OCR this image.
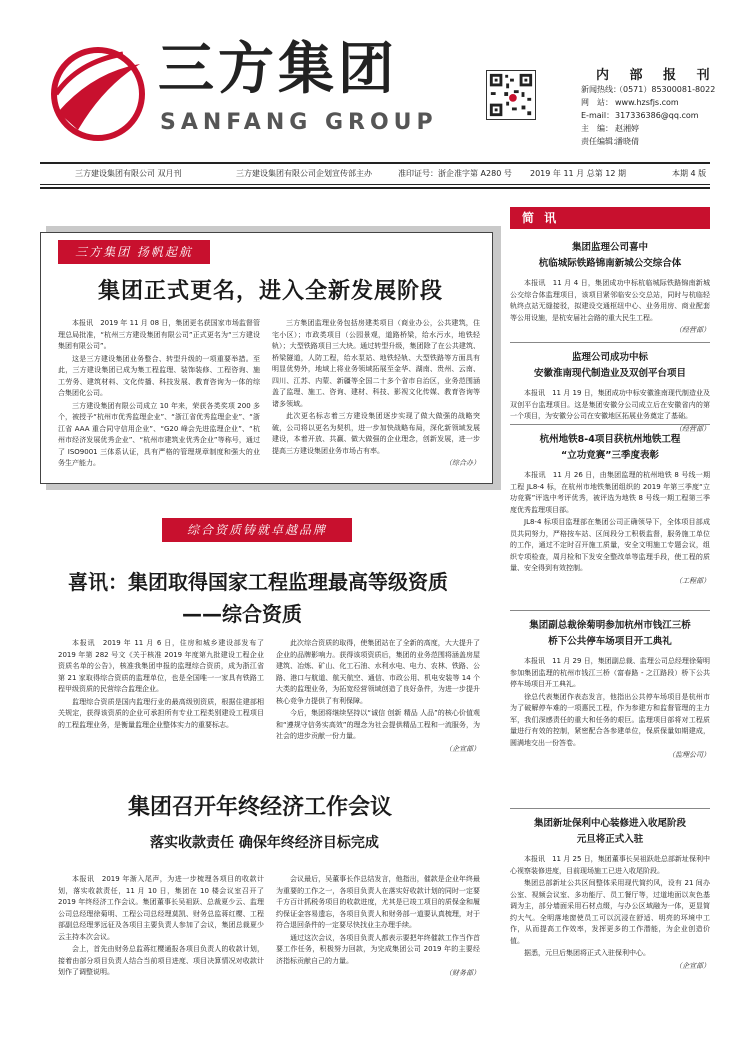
三方集团
SANFANG GROUP
内 部 报 刊
新闻热线：（0571）85300081-8022
网　站： www.hzsfjs.com
E-mail：317336386@qq.com
主　编： 赵湘婷
责任编辑：潘晓倩
三方建设集团有限公司 双月刊	三方建设集团有限公司企划宣传部主办	准印证号：浙企准字第 A280 号 2019 年 11 月 总第 12 期	本期 4 版
三方集团 扬帆起航
集团正式更名，进入全新发展阶段

本报讯　2019 年 11 月 08 日，集团更名获国家市场监督管理总局批准，“杭州三方建设集团有限公司”正式更名为“三方建设集团有限公司”。

这是三方建设集团业务整合、转型升级的一项重要举措。至此，三方建设集团已成为集工程监理、装饰装修、工程咨询、施工劳务、建筑材料、文化传播、科技发展、教育咨询为一体的综合集团化公司。

三方建设集团有限公司成立 10 年来，荣获各类奖项 200 多个，被授予“杭州市优秀监理企业”、“浙江省优秀监理企业”、“浙江省 AAA 重合同守信用企业”、“G20 峰会先进监理企业”、“杭州市经济发展优秀企业”、“杭州市建筑业优秀企业”等称号，通过了 ISO9001 三体系认证，具有严格的管理规章制度和强大的业务生产能力。

三方集团监理业务包括房建类项目（商业办公，公共建筑，住宅小区）；市政类项目（公园景观，道路桥梁，给水污水，地铁轻轨）；大型铁路项目三大块。通过转型升级，集团除了在公共建筑、桥梁隧道，人防工程，给水泵站、地铁轻轨、大型铁路等方面具有明显优势外，地域上将业务领域拓展至金华、湖南、贵州、云南、四川、江苏、内蒙、新疆等全国二十多个省市自治区，业务范围涵盖了监理、施工、咨询、建材、科技、影视文化传媒、教育咨询等诸多领域。

此次更名标志着三方建设集团逐步实现了做大做强的战略突破，公司将以更名为契机，进一步加快战略布局，深化新领域发展建设，本着开放、共赢、做大做强的企业理念，创新发展，进一步提高三方建设集团业务市场占有率。

（综合办）

综合资质铸就卓越品牌
喜讯：集团取得国家工程监理最高等级资质
——综合资质

本报讯　2019 年 11 月 6 日，住房和城乡建设部发布了 2019 年第 282 号文《关于核准 2019 年度第九批建设工程企业资质名单的公告》，核准我集团申报的监理综合资质，成为浙江省第 21 家取得综合资质的监理单位，也是全国唯一一家具有铁路工程甲级资质的民营综合监理企业。

监理综合资质是国内监理行业的最高级别资质，根据住建部相关规定，获得该资质的企业可承担所有专业工程类别建设工程项目的工程监理业务，是衡量监理企业整体实力的重要标志。

此次综合资质的取得，使集团站在了全新的高度，大大提升了企业的品牌影响力。获得该项资质后，集团的业务范围将涵盖房屋建筑、冶炼、矿山、化工石油、水利水电、电力、农林、铁路、公路、港口与航道、航天航空、通信、市政公用、机电安装等 14 个大类的监理业务，为拓宽经营领域创造了良好条件，为进一步提升核心竞争力提供了有利保障。

今后，集团将继续坚持以“诚信 创新 精品 人品”的核心价值观和“遵规守信务实高效”的理念为社会提供精品工程和一流服务，为社会的进步贡献一份力量。

（企宣部）

集团召开年终经济工作会议
落实收款责任 确保年终经济目标完成

本报讯　2019 年渐入尾声，为进一步梳理各项目的收款计划，落实收款责任，11 月 10 日，集团在 10 楼会议室召开了 2019 年终经济工作会议。集团董事长吴祖跃、总裁夏少云、监理公司总经理徐菊明、工程公司总经理莫凯、财务总监蒋红樱、工程部副总经理茅远征及各项目主要负责人参加了会议，集团总裁夏少云主持本次会议。

会上，首先由财务总监蒋红樱通报各项目负责人的收款计划，接着由部分项目负责人结合当前项目进度、项目决算情况对收款计划作了调整说明。

会议最后，吴董事长作总结发言，他指出，催款是企业年终最为重要的工作之一，各项目负责人在落实好收款计划的同时一定要千方百计抓税务项目的收款进度，尤其是已竣工项目的质保金和履约保证金容易遗忘，各项目负责人和财务部一道要认真梳理，对于符合退回条件的一定要尽快找业主办理手续。

通过这次会议，各项目负责人都表示要把年终催款工作当作首要工作任务，积极努力回款，为完成集团公司 2019 年的主要经济指标贡献自己的力量。

（财务部）

简 讯
集团监理公司喜中
杭临城际铁路锦南新城公交综合体

本报讯　11 月 4 日，集团成功中标杭临城际铁路锦南新城公交综合体监理项目，该项目紧邻临安公交总站，同时与杭临轻轨终点站无缝接驳，拟建设交通枢纽中心、业务用房、商业配套等公用设施，是杭安届社会路的重大民生工程。

（经营部）

监理公司成功中标
安徽淮南现代制造业及双创平台项目

本报讯　11 月 19 日，集团成功中标安徽淮南现代制造业及双创平台监理项目。这是集团安徽分公司成立后在安徽省内的第一个项目，为安徽分公司在安徽地区拓展业务奠定了基础。

（经营部）

杭州地铁8-4项目获杭州地铁工程
“立功竞赛”三季度表彰

本报讯　11 月 26 日，由集团监理的杭州地铁 8 号线一期工程 JL8-4 标，在杭州市地铁集团组织的 2019 年第三季度“立功竞赛”评选中考评优秀，被评选为地铁 8 号线一期工程第三季度优秀监理项目部。

JL8-4 标项目监理部在集团公司正确领导下，全体项目部成员共同努力，严格按车站、区间段分工积极监督，服务施工单位的工作，通过不定时召开施工质量，安全文明施工专题会议，组织专项检查，周月检和下发安全整改单等监理手段，使工程的质量、安全得到有效控制。

（工程部）

集团副总裁徐菊明参加杭州市钱江三桥
桥下公共停车场项目开工典礼

本报讯　11 月 29 日，集团副总裁、监理公司总经理徐菊明参加集团监理的杭州市钱江三桥（富春路 - 之江路段）桥下公共停车场项目开工典礼。

徐总代表集团作表态发言，他指出公共停车场项目是杭州市为了破解停车难的一项惠民工程，作为参建方和监督管理的主力军，我们深感责任的重大和任务的艰巨。监理项目部将对工程质量进行有效的控制，紧密配合各参建单位，保质保量如期建成，圆满地交出一份答卷。

（监理公司）

集团新址保利中心装修进入收尾阶段
元旦将正式入驻

本报讯　11 月 25 日，集团董事长吴祖跃赴总部新址保利中心视察装修进度，目前现场施工已进入收尾阶段。

集团总部新址公共区间整体采用现代简约风，设有 21 间办公室、视频会议室、多功能厅、员工餐厅等，过道地面以灰色基调为主，部分墙面采用石材点缀，与办公区域融为一体，更显简约大气。全明落地窗使员工可以沉浸在舒适、明亮的环境中工作，从而提高工作效率，发挥更多的工作潜能，为企业创造价值。

据悉，元旦后集团将正式入驻保利中心。

（企宣部）
